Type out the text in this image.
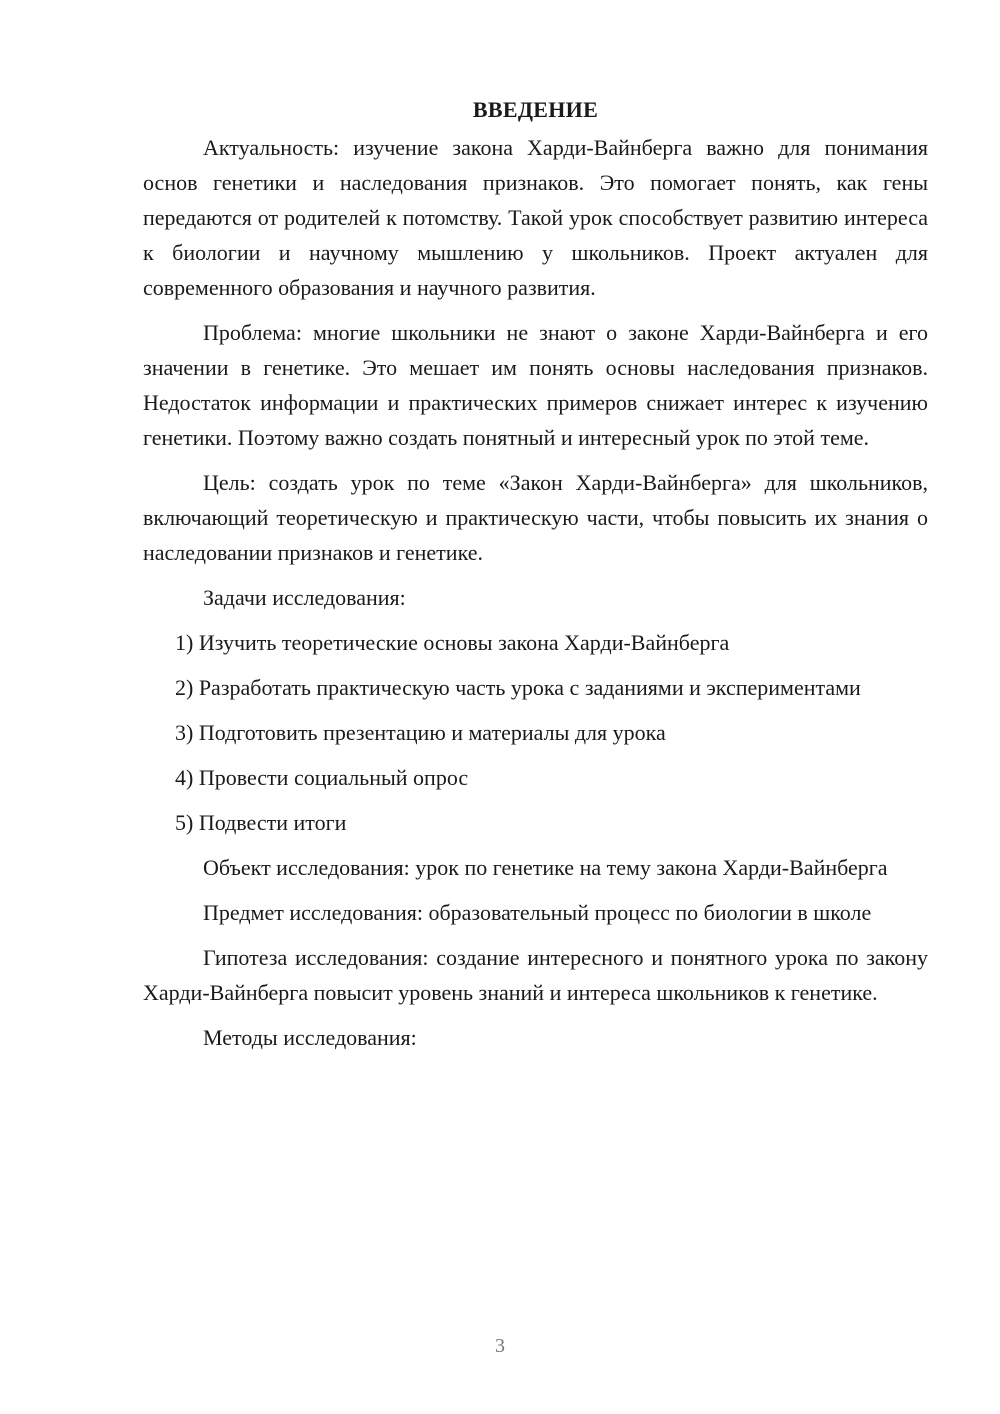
ВВЕДЕНИЕ

Актуальность: изучение закона Харди-Вайнберга важно для понимания основ генетики и наследования признаков. Это помогает понять, как гены передаются от родителей к потомству. Такой урок способствует развитию интереса к биологии и научному мышлению у школьников. Проект актуален для современного образования и научного развития.

Проблема: многие школьники не знают о законе Харди-Вайнберга и его значении в генетике. Это мешает им понять основы наследования признаков. Недостаток информации и практических примеров снижает интерес к изучению генетики. Поэтому важно создать понятный и интересный урок по этой теме.

Цель: создать урок по теме «Закон Харди-Вайнберга» для школьников, включающий теоретическую и практическую части, чтобы повысить их знания о наследовании признаков и генетике.

Задачи исследования:

1) Изучить теоретические основы закона Харди-Вайнберга

2) Разработать практическую часть урока с заданиями и экспериментами

3) Подготовить презентацию и материалы для урока

4) Провести социальный опрос

5) Подвести итоги

Объект исследования: урок по генетике на тему закона Харди-Вайнберга

Предмет исследования: образовательный процесс по биологии в школе

Гипотеза исследования: создание интересного и понятного урока по закону Харди-Вайнберга повысит уровень знаний и интереса школьников к генетике.

Методы исследования:

3
